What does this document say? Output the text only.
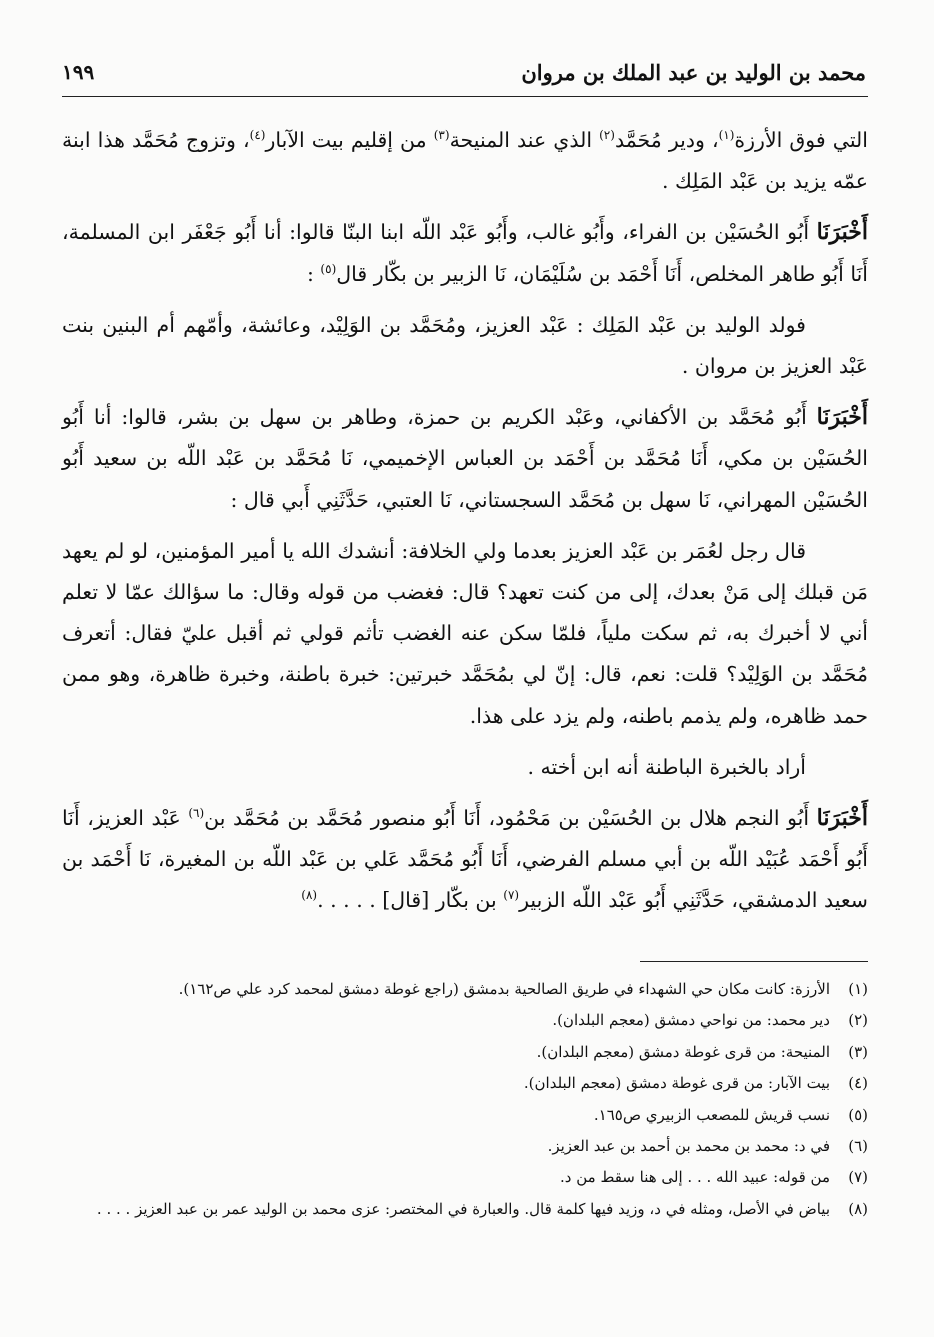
محمد بن الوليد بن عبد الملك بن مروان
١٩٩

التي فوق الأرزة$^{(١)}$، ودير مُحَمَّد$^{(٢)}$ الذي عند المنيحة$^{(٣)}$ من إقليم بيت الآبار$^{(٤)}$، وتزوج مُحَمَّد هذا ابنة عمّه يزيد بن عَبْد المَلِك .

أَخْبَرَنَا أَبُو الحُسَيْن بن الفراء، وأَبُو غالب، وأَبُو عَبْد اللّه ابنا البنّا قالوا: أنا أَبُو جَعْفَر ابن المسلمة، أَنَا أَبُو طاهر المخلص، أَنَا أَحْمَد بن سُلَيْمَان، نَا الزبير بن بكّار قال$^{(٥)}$ :

فولد الوليد بن عَبْد المَلِك : عَبْد العزيز، ومُحَمَّد بن الوَلِيْد، وعائشة، وأمّهم أم البنين بنت عَبْد العزيز بن مروان .

أَخْبَرَنَا أَبُو مُحَمَّد بن الأكفاني، وعَبْد الكريم بن حمزة، وطاهر بن سهل بن بشر، قالوا: أنا أَبُو الحُسَيْن بن مكي، أَنَا مُحَمَّد بن أَحْمَد بن العباس الإخميمي، نَا مُحَمَّد بن عَبْد اللّه بن سعيد أَبُو الحُسَيْن المهراني، نَا سهل بن مُحَمَّد السجستاني، نَا العتبي، حَدَّثَنِي أَبي قال :

قال رجل لعُمَر بن عَبْد العزيز بعدما ولي الخلافة: أنشدك الله يا أمير المؤمنين، لو لم يعهد مَن قبلك إلى مَنْ بعدك، إلى من كنت تعهد؟ قال: فغضب من قوله وقال: ما سؤالك عمّا لا تعلم أني لا أخبرك به، ثم سكت ملياً، فلمّا سكن عنه الغضب تأثم قولي ثم أقبل عليّ فقال: أتعرف مُحَمَّد بن الوَلِيْد؟ قلت: نعم، قال: إنّ لي بمُحَمَّد خبرتين: خبرة باطنة، وخبرة ظاهرة، وهو ممن حمد ظاهره، ولم يذمم باطنه، ولم يزد على هذا.

أراد بالخبرة الباطنة أنه ابن أخته .

أَخْبَرَنَا أَبُو النجم هلال بن الحُسَيْن بن مَحْمُود، أَنَا أَبُو منصور مُحَمَّد بن مُحَمَّد بن$^{(٦)}$ عَبْد العزيز، أَنَا أَبُو أَحْمَد عُبَيْد اللّه بن أبي مسلم الفرضي، أَنَا أَبُو مُحَمَّد عَلي بن عَبْد اللّه بن المغيرة، نَا أَحْمَد بن سعيد الدمشقي، حَدَّثَنِي أَبُو عَبْد اللّه الزبير$^{(٧)}$ بن بكّار [قال] . . . . .$^{(٨)}$

(١)
الأرزة: كانت مكان حي الشهداء في طريق الصالحية بدمشق (راجع غوطة دمشق لمحمد كرد علي ص١٦٢).
(٢)
دير محمد: من نواحي دمشق (معجم البلدان).
(٣)
المنيحة: من قرى غوطة دمشق (معجم البلدان).
(٤)
بيت الآبار: من قرى غوطة دمشق (معجم البلدان).
(٥)
نسب قريش للمصعب الزبيري ص١٦٥.
(٦)
في د: محمد بن محمد بن أحمد بن عبد العزيز.
(٧)
من قوله: عبيد الله . . . إلى هنا سقط من د.
(٨)
بياض في الأصل، ومثله في د، وزيد فيها كلمة قال. والعبارة في المختصر: عزى محمد بن الوليد عمر بن عبد العزيز . . . .
